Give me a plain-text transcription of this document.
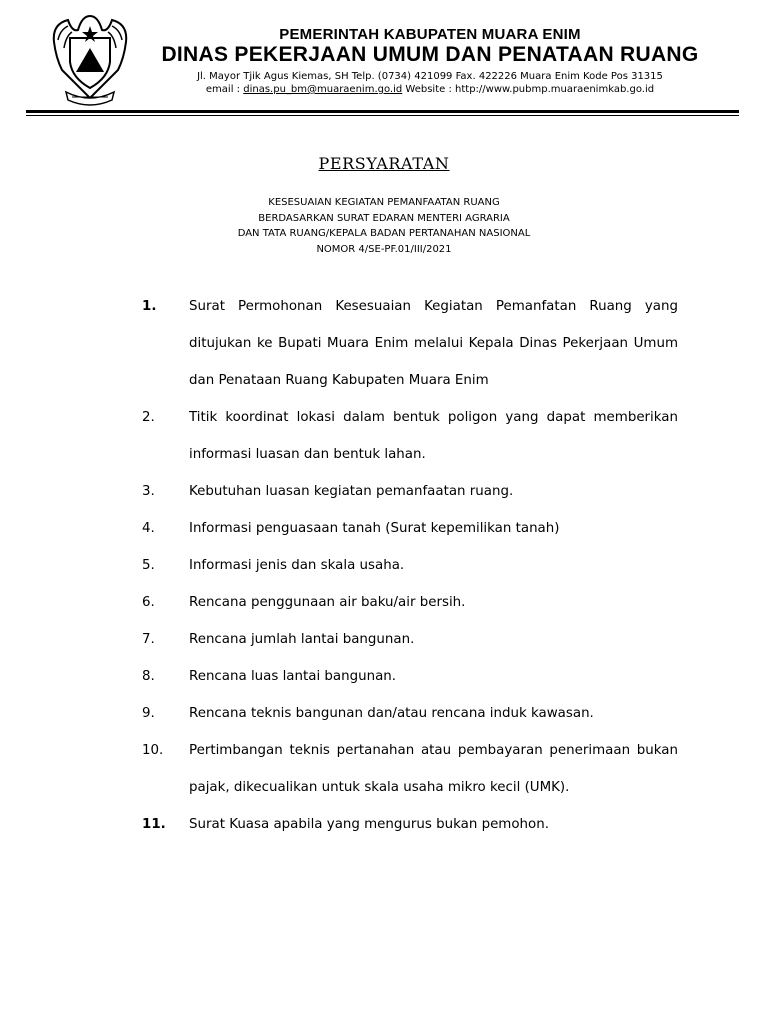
PEMERINTAH KABUPATEN MUARA ENIM
DINAS PEKERJAAN UMUM DAN PENATAAN RUANG
Jl. Mayor Tjik Agus Kiemas, SH Telp. (0734) 421099 Fax. 422226 Muara Enim Kode Pos 31315
email : dinas.pu_bm@muaraenim.go.id Website : http://www.pubmp.muaraenimkab.go.id
PERSYARATAN
KESESUAIAN KEGIATAN PEMANFAATAN RUANG
BERDASARKAN SURAT EDARAN MENTERI AGRARIA
DAN TATA RUANG/KEPALA BADAN PERTANAHAN NASIONAL
NOMOR 4/SE-PF.01/III/2021
1.	Surat Permohonan Kesesuaian Kegiatan Pemanfatan Ruang yang ditujukan ke Bupati Muara Enim melalui Kepala Dinas Pekerjaan Umum dan Penataan Ruang Kabupaten Muara Enim
2.	Titik koordinat lokasi dalam bentuk poligon yang dapat memberikan informasi luasan dan bentuk lahan.
3.	Kebutuhan luasan kegiatan pemanfaatan ruang.
4.	Informasi penguasaan tanah (Surat kepemilikan tanah)
5.	Informasi jenis dan skala usaha.
6.	Rencana penggunaan air baku/air bersih.
7.	Rencana jumlah lantai bangunan.
8.	Rencana luas lantai bangunan.
9.	Rencana teknis bangunan dan/atau rencana induk kawasan.
10.	Pertimbangan teknis pertanahan atau pembayaran penerimaan bukan pajak, dikecualikan untuk skala usaha mikro kecil (UMK).
11.	Surat Kuasa apabila yang mengurus bukan pemohon.
